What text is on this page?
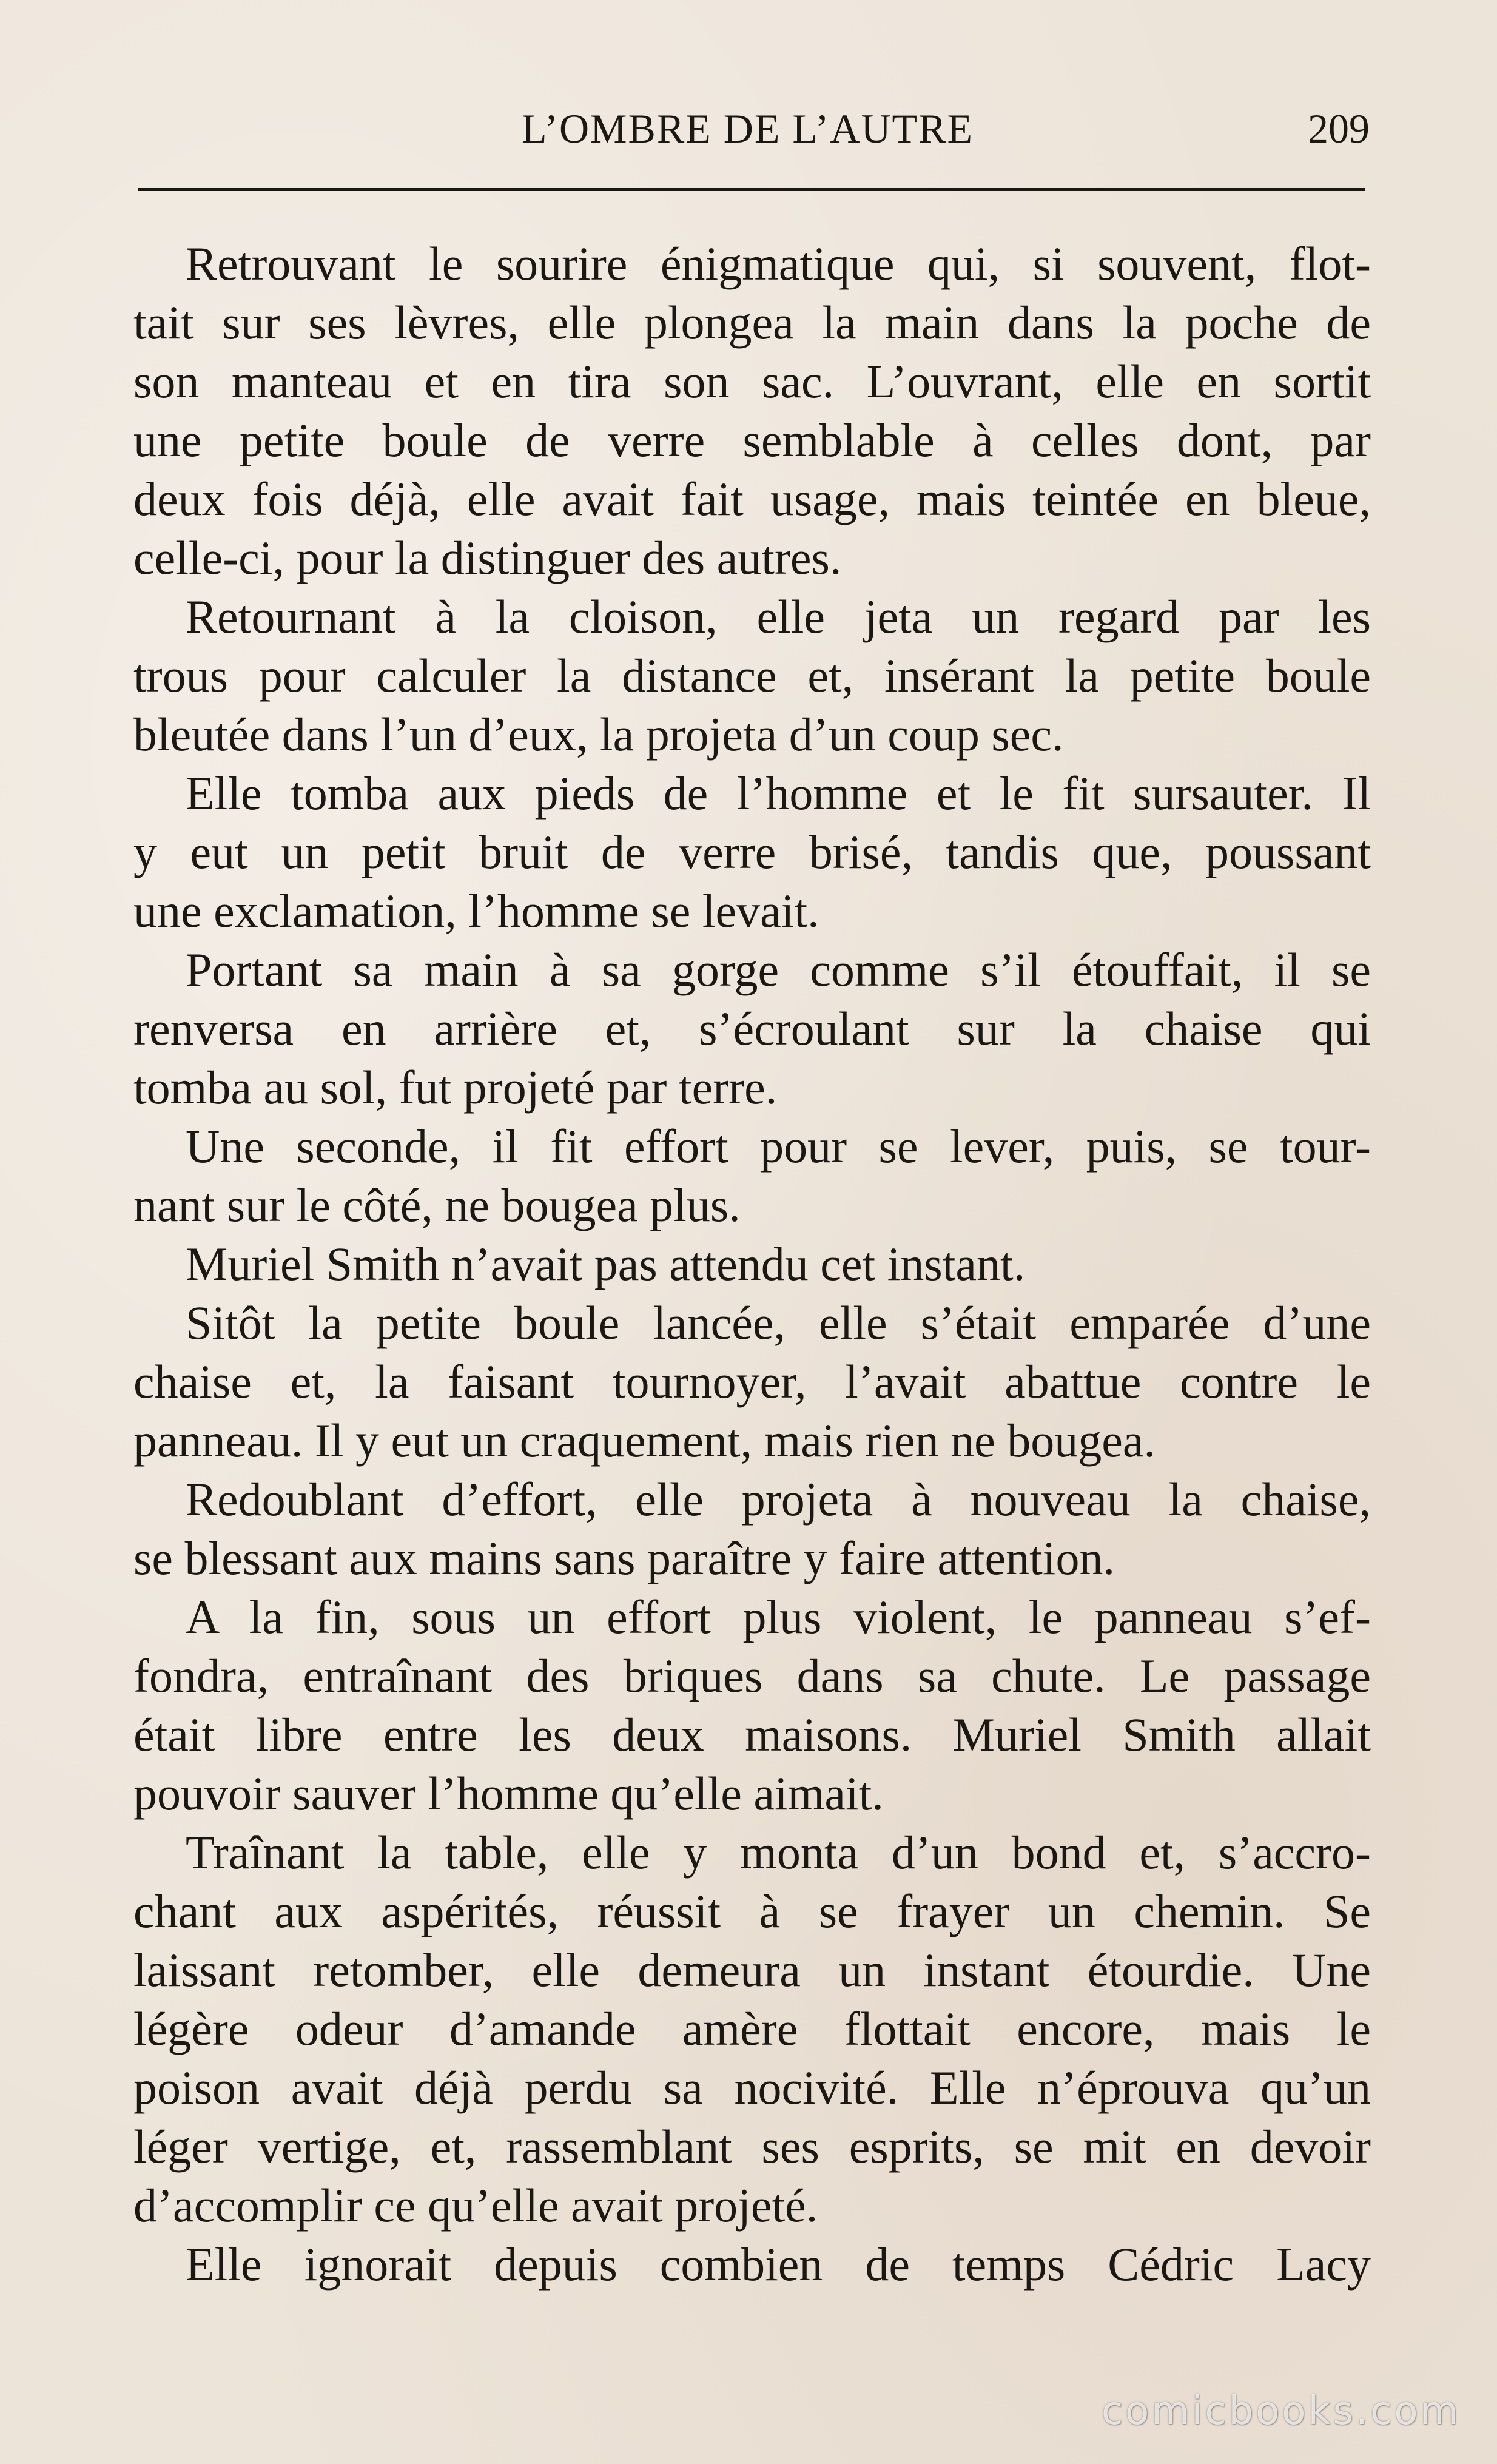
L’OMBRE DE L’AUTRE	209
Retrouvant le sourire énigmatique qui, si souvent, flot-
tait sur ses lèvres, elle plongea la main dans la poche de
son manteau et en tira son sac. L’ouvrant, elle en sortit
une petite boule de verre semblable à celles dont, par
deux fois déjà, elle avait fait usage, mais teintée en bleue,
celle-ci, pour la distinguer des autres.
Retournant à la cloison, elle jeta un regard par les
trous pour calculer la distance et, insérant la petite boule
bleutée dans l’un d’eux, la projeta d’un coup sec.
Elle tomba aux pieds de l’homme et le fit sursauter. Il
y eut un petit bruit de verre brisé, tandis que, poussant
une exclamation, l’homme se levait.
Portant sa main à sa gorge comme s’il étouffait, il se
renversa en arrière et, s’écroulant sur la chaise qui
tomba au sol, fut projeté par terre.
Une seconde, il fit effort pour se lever, puis, se tour-
nant sur le côté, ne bougea plus.
Muriel Smith n’avait pas attendu cet instant.
Sitôt la petite boule lancée, elle s’était emparée d’une
chaise et, la faisant tournoyer, l’avait abattue contre le
panneau. Il y eut un craquement, mais rien ne bougea.
Redoublant d’effort, elle projeta à nouveau la chaise,
se blessant aux mains sans paraître y faire attention.
A la fin, sous un effort plus violent, le panneau s’ef-
fondra, entraînant des briques dans sa chute. Le passage
était libre entre les deux maisons. Muriel Smith allait
pouvoir sauver l’homme qu’elle aimait.
Traînant la table, elle y monta d’un bond et, s’accro-
chant aux aspérités, réussit à se frayer un chemin. Se
laissant retomber, elle demeura un instant étourdie. Une
légère odeur d’amande amère flottait encore, mais le
poison avait déjà perdu sa nocivité. Elle n’éprouva qu’un
léger vertige, et, rassemblant ses esprits, se mit en devoir
d’accomplir ce qu’elle avait projeté.
Elle ignorait depuis combien de temps Cédric Lacy
comicbooks.com
